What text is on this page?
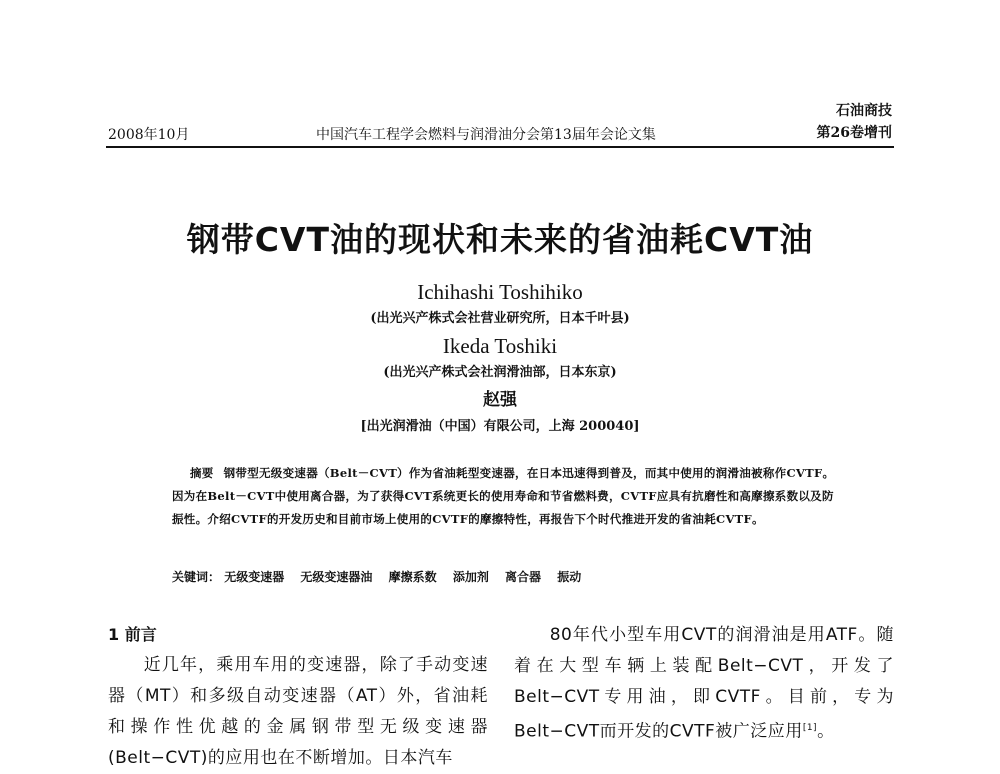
2008年10月	中国汽车工程学会燃料与润滑油分会第13届年会论文集
石油商技
第26卷增刊
钢带CVT油的现状和未来的省油耗CVT油
Ichihashi Toshihiko
(出光兴产株式会社营业研究所，日本千叶县)
Ikeda Toshiki
(出光兴产株式会社润滑油部，日本东京)
赵强
[出光润滑油（中国）有限公司，上海 200040]
摘要 钢带型无级变速器（Belt－CVT）作为省油耗型变速器，在日本迅速得到普及，而其中使用的润滑油被称作CVTF。因为在Belt－CVT中使用离合器，为了获得CVT系统更长的使用寿命和节省燃料费，CVTF应具有抗磨性和高摩擦系数以及防振性。介绍CVTF的开发历史和目前市场上使用的CVTF的摩擦特性，再报告下个时代推进开发的省油耗CVTF。
关键词： 无级变速器 无级变速器油 摩擦系数 添加剂 离合器 振动

1 前言

近几年，乘用车用的变速器，除了手动变速器（MT）和多级自动变速器（AT）外，省油耗和操作性优越的金属钢带型无级变速器(Belt−CVT)的应用也在不断增加。日本汽车

80年代小型车用CVT的润滑油是用ATF。随着在大型车辆上装配Belt−CVT，开发了Belt−CVT专用油，即CVTF。目前，专为Belt−CVT而开发的CVTF被广泛应用[1]。
